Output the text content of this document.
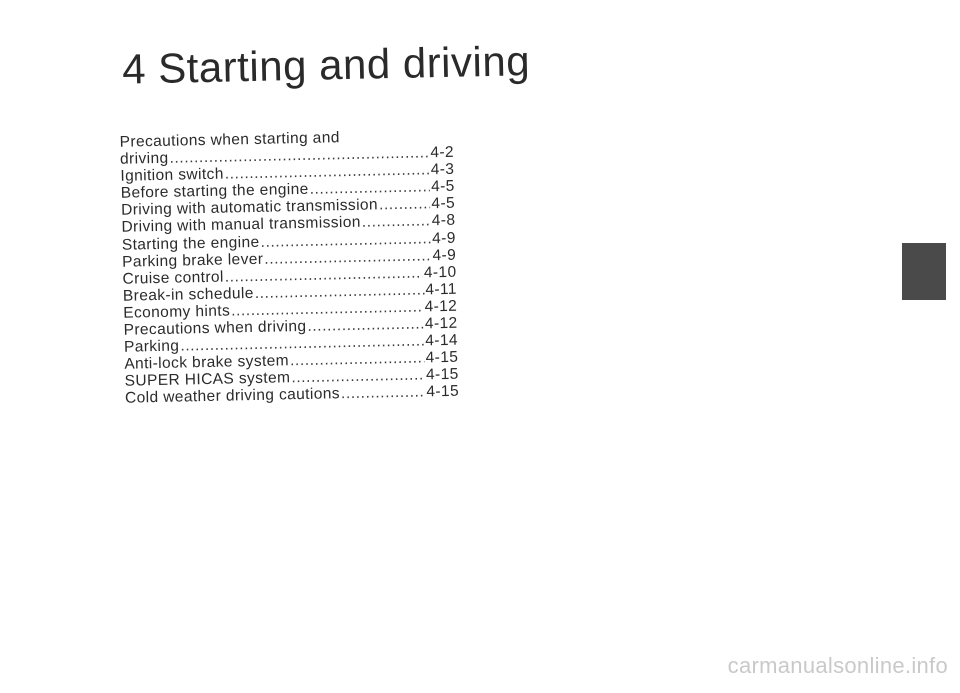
4 Starting and driving
Precautions when starting and
driving .....	4-2
Ignition switch .....	4-3
Before starting the engine .....	4-5
Driving with automatic transmission .....	4-5
Driving with manual transmission .....	4-8
Starting the engine .....	4-9
Parking brake lever .....	4-9
Cruise control .....	4-10
Break-in schedule .....	4-11
Economy hints .....	4-12
Precautions when driving .....	4-12
Parking .....	4-14
Anti-lock brake system .....	4-15
SUPER HICAS system .....	4-15
Cold weather driving cautions .....	4-15
carmanualsonline.info
